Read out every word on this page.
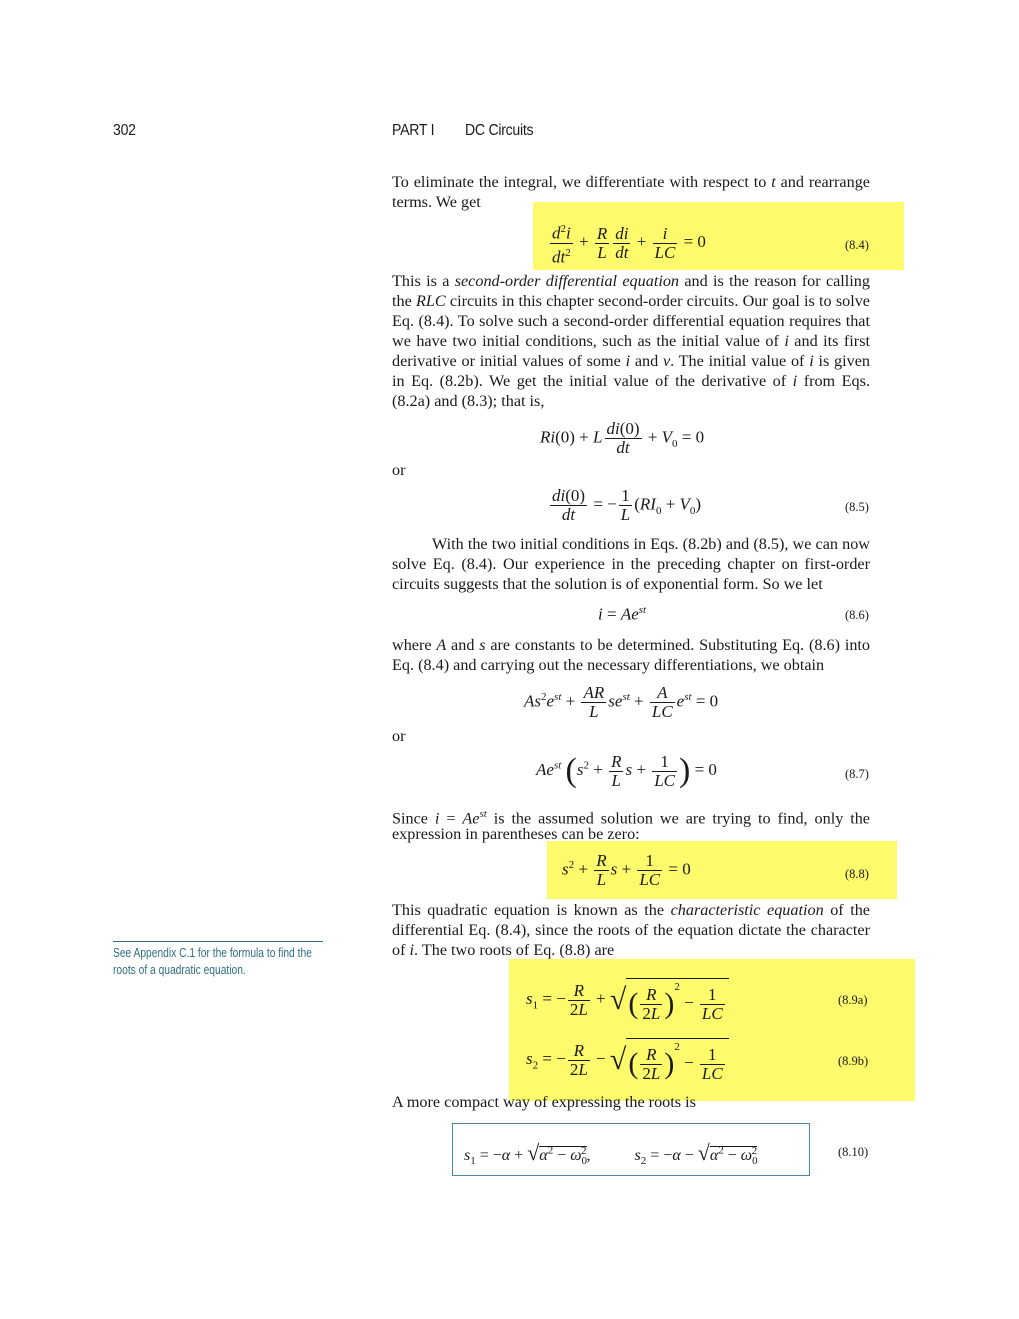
302	PART I DC Circuits
To eliminate the integral, we differentiate with respect to t and rearrange
terms. We get
$\frac{d^2i}{dt^2} + \frac{R}{L} \frac{di}{dt} + \frac{i}{LC} = 0$	(8.4)
This is a second-order differential equation and is the reason for calling
the RLC circuits in this chapter second-order circuits. Our goal is to solve
Eq. (8.4). To solve such a second-order differential equation requires that
we have two initial conditions, such as the initial value of i and its first
derivative or initial values of some i and v. The initial value of i is given
in Eq. (8.2b). We get the initial value of the derivative of i from Eqs.
(8.2a) and (8.3); that is,
Ri(0) + L $\frac{di(0)}{dt} + V_0 = 0$
or
$\frac{di(0)}{dt}$ = − $\frac{1}{L} (RI_0 + V_0)$	(8.5)
With the two initial conditions in Eqs. (8.2b) and (8.5), we can now
solve Eq. (8.4). Our experience in the preceding chapter on first-order
circuits suggests that the solution is of exponential form. So we let
$i = Ae^{st}$	(8.6)
where A and s are constants to be determined. Substituting Eq. (8.6) into
Eq. (8.4) and carrying out the necessary differentiations, we obtain
$As^2e^{st} + \frac{AR}{L} se^{st} + \frac{A}{LC} e^{st} = 0$
or
$Ae^{st}$ ($s^2 + \frac{R}{L}$ $s + \frac{1}{LC}$ ) = 0	(8.7)
Since $i = Ae^{st}$ is the assumed solution we are trying to find, only the
expression in parentheses can be zero:
$s^2 + \frac{R}{L}$ $s + \frac{1}{LC} = 0$	(8.8)
This quadratic equation is known as the characteristic equation of the
differential Eq. (8.4), since the roots of the equation dictate the character
of i. The two roots of Eq. (8.8) are
See Appendix C.1 for the formula to find the roots of a quadratic equation.
$s_1$ = − $\frac{R}{2L}$ + √( $\frac{R}{2L} )^2 - \frac{1}{LC}$	(8.9a)
$s_2$ = − $\frac{R}{2L}$ − √( $\frac{R}{2L} )^2 - \frac{1}{LC}$	(8.9b)
A more compact way of expressing the roots is
$s_1 = -\alpha + √\alpha^2 - \omega_0^2$,	$s_2 = -\alpha - √\alpha^2 - \omega_0^2$	(8.10)
